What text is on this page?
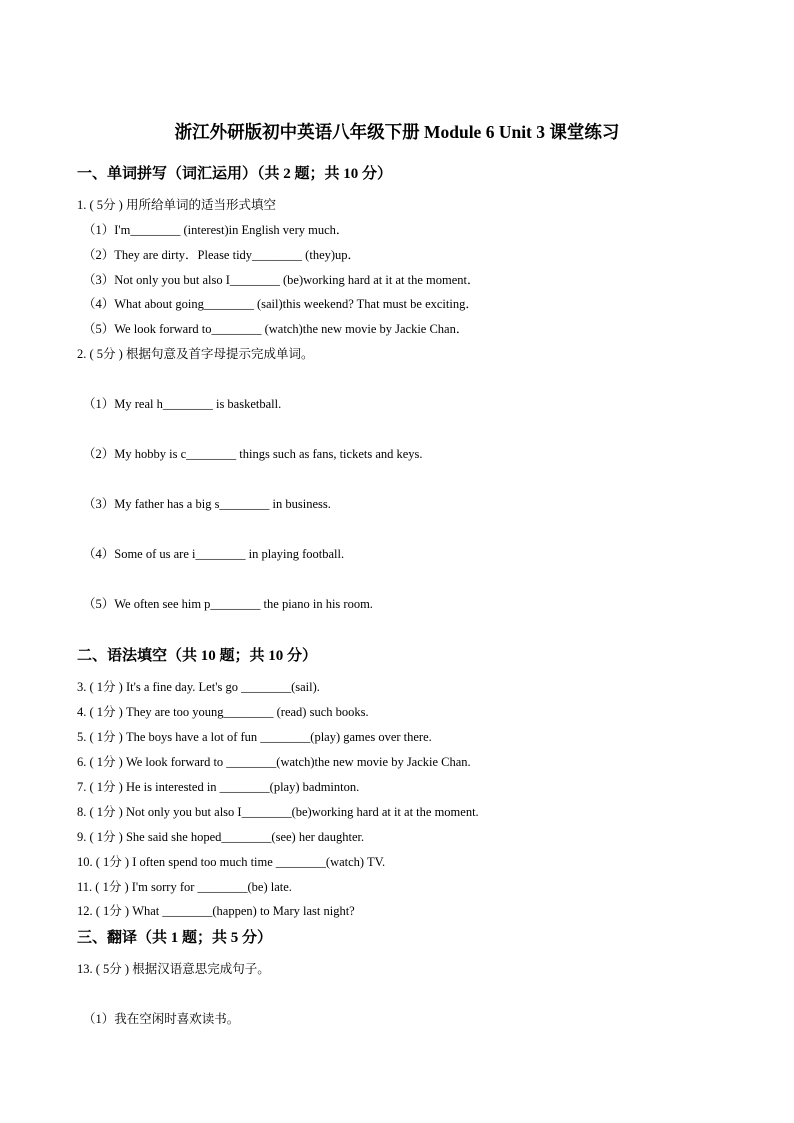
浙江外研版初中英语八年级下册 Module 6 Unit 3 课堂练习
一、单词拼写（词汇运用）（共 2 题；共 10 分）
1. ( 5分 ) 用所给单词的适当形式填空
（1）I'm________ (interest)in English very much．
（2）They are dirty．Please tidy________ (they)up．
（3）Not only you but also I________ (be)working hard at it at the moment．
（4）What about going________ (sail)this weekend? That must be exciting．
（5）We look forward to________ (watch)the new movie by Jackie Chan．
2. ( 5分 ) 根据句意及首字母提示完成单词。
（1）My real h________ is basketball.
（2）My hobby is c________ things such as fans, tickets and keys.
（3）My father has a big s________ in business.
（4）Some of us are i________ in playing football.
（5）We often see him p________ the piano in his room.
二、语法填空（共 10 题；共 10 分）
3. ( 1分 ) It's a fine day. Let's go ________(sail).
4. ( 1分 ) They are too young________ (read) such books.
5. ( 1分 ) The boys have a lot of fun ________(play) games over there.
6. ( 1分 ) We look forward to ________(watch)the new movie by Jackie Chan.
7. ( 1分 ) He is interested in ________(play) badminton.
8. ( 1分 ) Not only you but also I________(be)working hard at it at the moment.
9. ( 1分 ) She said she hoped________(see) her daughter.
10. ( 1分 ) I often spend too much time ________(watch) TV.
11. ( 1分 ) I'm sorry for ________(be) late.
12. ( 1分 ) What ________(happen) to Mary last night?
三、翻译（共 1 题；共 5 分）
13. ( 5分 ) 根据汉语意思完成句子。
（1）我在空闲时喜欢读书。
